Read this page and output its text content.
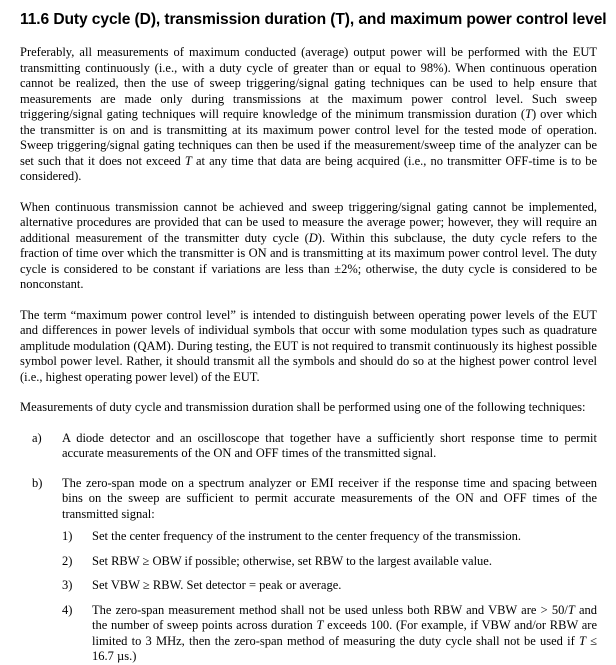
11.6 Duty cycle (D), transmission duration (T), and maximum power control level

Preferably, all measurements of maximum conducted (average) output power will be performed with the EUT transmitting continuously (i.e., with a duty cycle of greater than or equal to 98%). When continuous operation cannot be realized, then the use of sweep triggering/signal gating techniques can be used to help ensure that measurements are made only during transmissions at the maximum power control level. Such sweep triggering/signal gating techniques will require knowledge of the minimum transmission duration (T) over which the transmitter is on and is transmitting at its maximum power control level for the tested mode of operation. Sweep triggering/signal gating techniques can then be used if the measurement/sweep time of the analyzer can be set such that it does not exceed T at any time that data are being acquired (i.e., no transmitter OFF-time is to be considered).

When continuous transmission cannot be achieved and sweep triggering/signal gating cannot be implemented, alternative procedures are provided that can be used to measure the average power; however, they will require an additional measurement of the transmitter duty cycle (D). Within this subclause, the duty cycle refers to the fraction of time over which the transmitter is ON and is transmitting at its maximum power control level. The duty cycle is considered to be constant if variations are less than ±2%; otherwise, the duty cycle is considered to be nonconstant.

The term “maximum power control level” is intended to distinguish between operating power levels of the EUT and differences in power levels of individual symbols that occur with some modulation types such as quadrature amplitude modulation (QAM). During testing, the EUT is not required to transmit continuously its highest possible symbol power level. Rather, it should transmit all the symbols and should do so at the highest power control level (i.e., highest operating power level) of the EUT.

Measurements of duty cycle and transmission duration shall be performed using one of the following techniques:

a) A diode detector and an oscilloscope that together have a sufficiently short response time to permit accurate measurements of the ON and OFF times of the transmitted signal.
b) The zero-span mode on a spectrum analyzer or EMI receiver if the response time and spacing between bins on the sweep are sufficient to permit accurate measurements of the ON and OFF times of the transmitted signal:
1) Set the center frequency of the instrument to the center frequency of the transmission.
2) Set RBW ≥ OBW if possible; otherwise, set RBW to the largest available value.
3) Set VBW ≥ RBW. Set detector = peak or average.
4) The zero-span measurement method shall not be used unless both RBW and VBW are > 50/T and the number of sweep points across duration T exceeds 100. (For example, if VBW and/or RBW are limited to 3 MHz, then the zero-span method of measuring the duty cycle shall not be used if T ≤ 16.7 µs.)
